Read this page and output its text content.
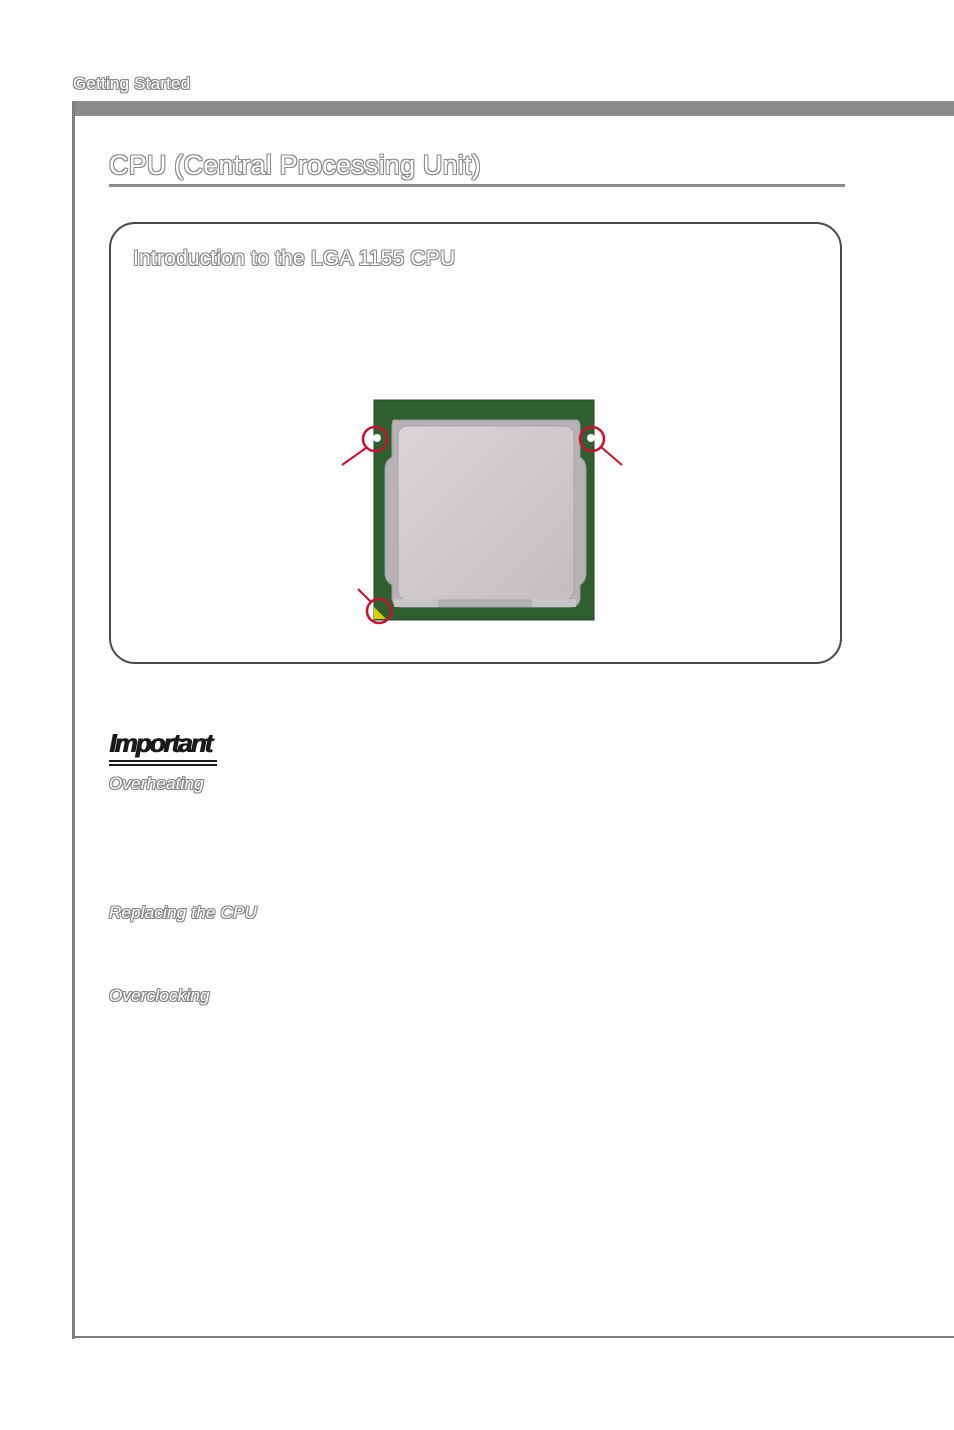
Getting Started
CPU (Central Processing Unit)
Introduction to the LGA 1155 CPU
Important
Overheating
Replacing the CPU
Overclocking
